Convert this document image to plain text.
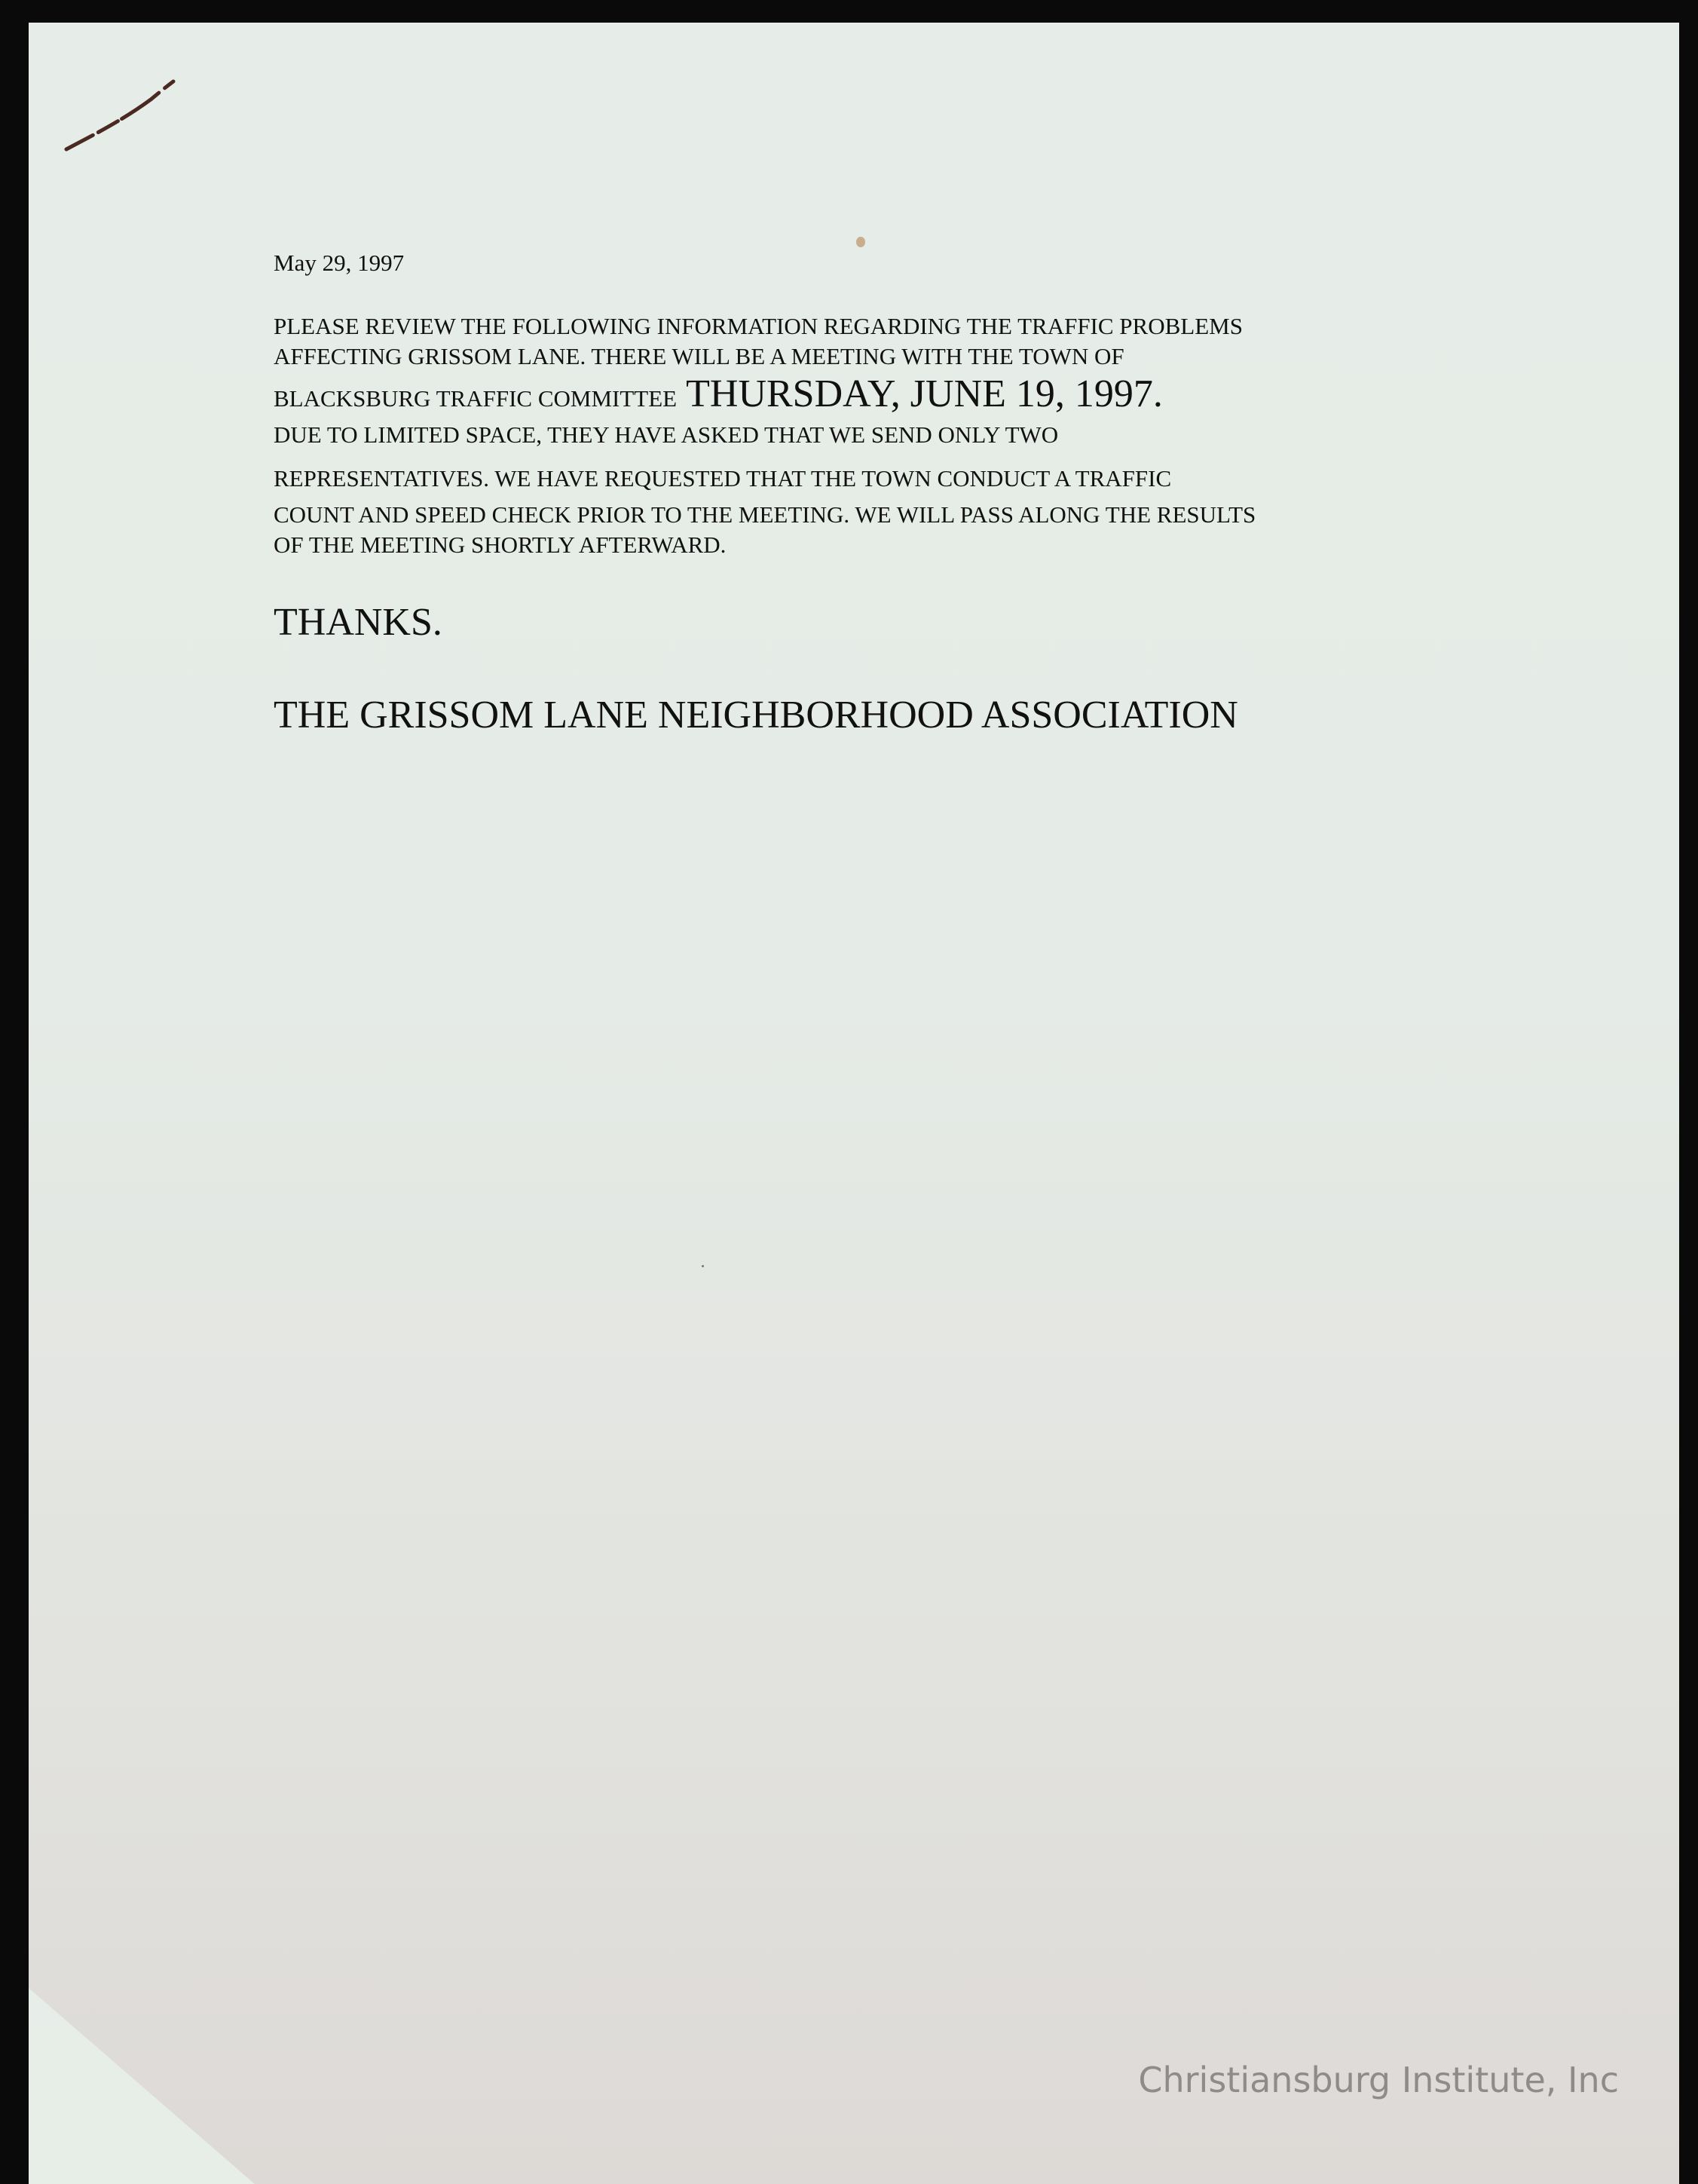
May 29, 1997

PLEASE REVIEW THE FOLLOWING INFORMATION REGARDING THE TRAFFIC PROBLEMS
AFFECTING GRISSOM LANE. THERE WILL BE A MEETING WITH THE TOWN OF
BLACKSBURG TRAFFIC COMMITTEE THURSDAY, JUNE 19, 1997.
DUE TO LIMITED SPACE, THEY HAVE ASKED THAT WE SEND ONLY TWO
REPRESENTATIVES. WE HAVE REQUESTED THAT THE TOWN CONDUCT A TRAFFIC
COUNT AND SPEED CHECK PRIOR TO THE MEETING. WE WILL PASS ALONG THE RESULTS
OF THE MEETING SHORTLY AFTERWARD.

THANKS.

THE GRISSOM LANE NEIGHBORHOOD ASSOCIATION

Christiansburg Institute, Inc
